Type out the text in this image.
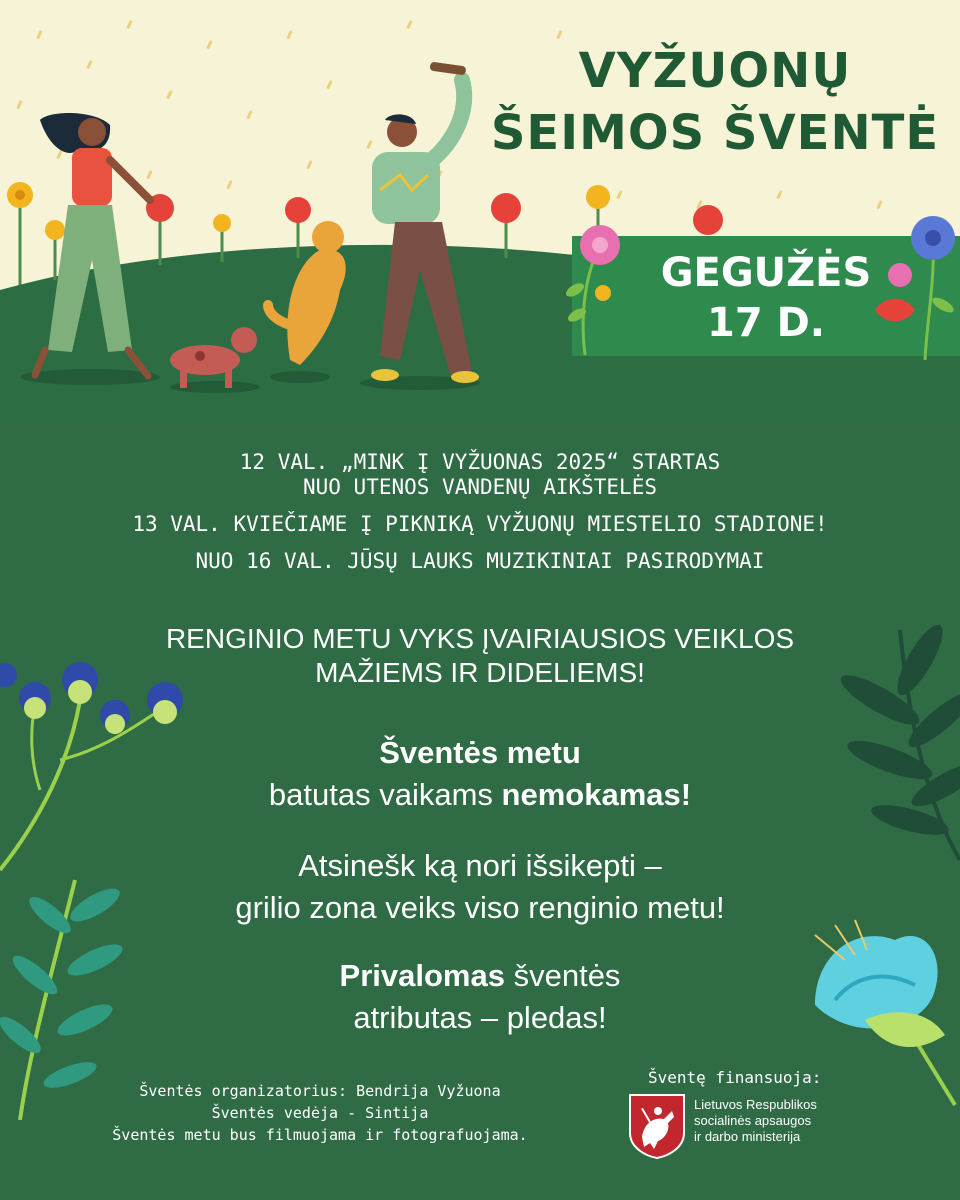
VYŽUONŲ
ŠEIMOS ŠVENTĖ
GEGUŽĖS
17 D.
12 VAL. „MINK Į VYŽUONAS 2025“ STARTAS
NUO UTENOS VANDENŲ AIKŠTELĖS
13 VAL. KVIEČIAME Į PIKNIKĄ VYŽUONŲ MIESTELIO STADIONE!
NUO 16 VAL. JŪSŲ LAUKS MUZIKINIAI PASIRODYMAI
RENGINIO METU VYKS ĮVAIRIAUSIOS VEIKLOS
MAŽIEMS IR DIDELIEMS!
Šventės metu
batutas vaikams nemokamas!
Atsinešk ką nori išsikepti –
grilio zona veiks viso renginio metu!
Privalomas šventės
atributas – pledas!
Šventės organizatorius: Bendrija Vyžuona
Šventės vedėja - Sintija
Šventės metu bus filmuojama ir fotografuojama.
Šventę finansuoja:
Lietuvos Respublikos
socialinės apsaugos
ir darbo ministerija
